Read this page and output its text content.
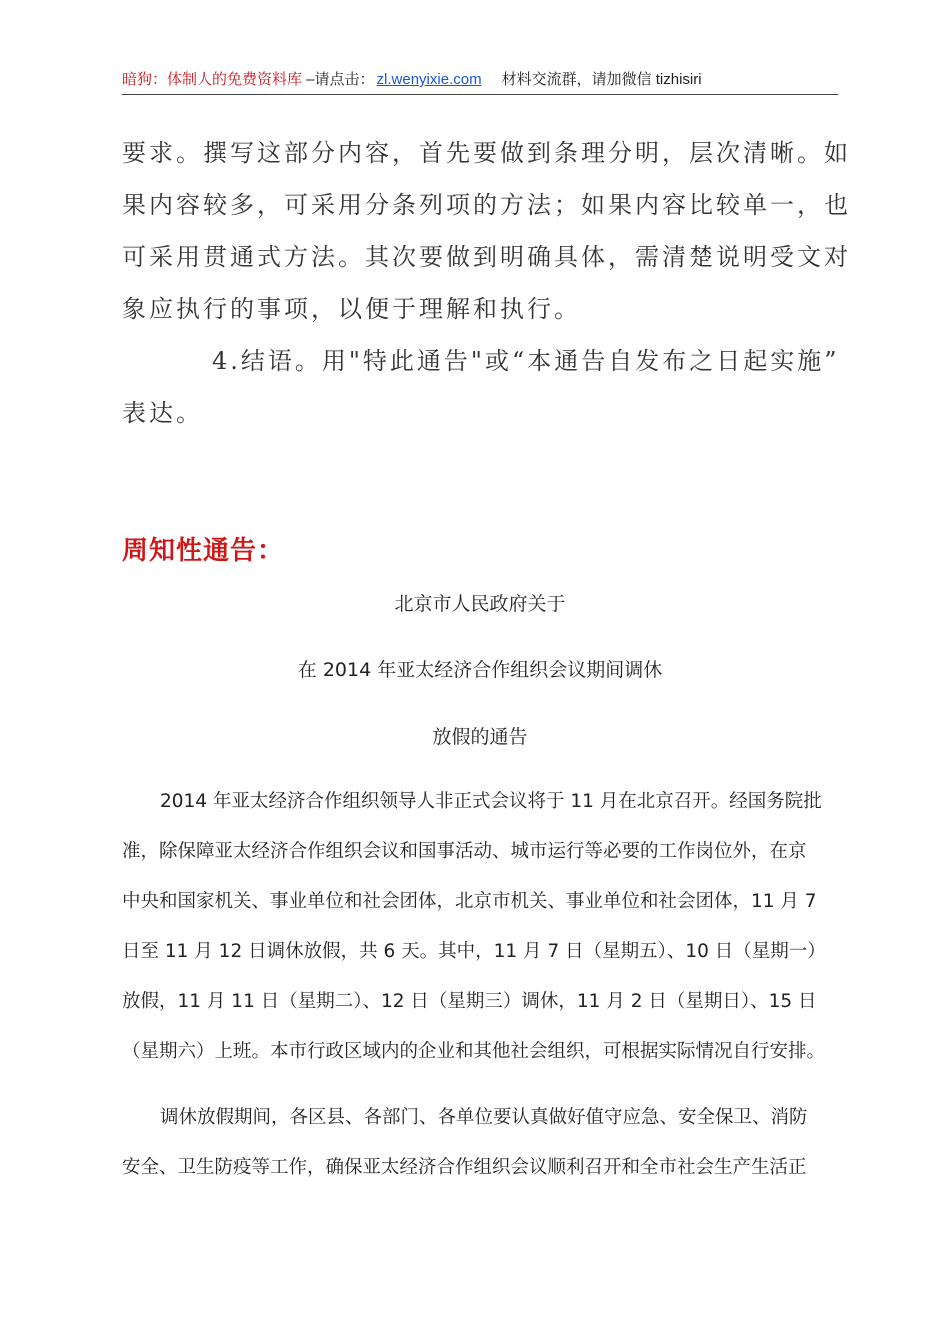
暗狗：体制人的免费资料库 –请点击： zl.wenyixie.com 材料交流群，请加微信 tizhisiri
要求。撰写这部分内容，首先要做到条理分明，层次清晰。如
果内容较多，可采用分条列项的方法；如果内容比较单一，也
可采用贯通式方法。其次要做到明确具体，需清楚说明受文对
象应执行的事项，以便于理解和执行。
4.结语。用"特此通告"或“本通告自发布之日起实施”
表达。
周知性通告：
北京市人民政府关于
在 2014 年亚太经济合作组织会议期间调休
放假的通告
2014 年亚太经济合作组织领导人非正式会议将于 11 月在北京召开。经国务院批
准，除保障亚太经济合作组织会议和国事活动、城市运行等必要的工作岗位外，在京
中央和国家机关、事业单位和社会团体，北京市机关、事业单位和社会团体，11 月 7
日至 11 月 12 日调休放假，共 6 天。其中，11 月 7 日（星期五）、10 日（星期一）
放假，11 月 11 日（星期二）、12 日（星期三）调休，11 月 2 日（星期日）、15 日
（星期六）上班。本市行政区域内的企业和其他社会组织，可根据实际情况自行安排。
调休放假期间，各区县、各部门、各单位要认真做好值守应急、安全保卫、消防
安全、卫生防疫等工作，确保亚太经济合作组织会议顺利召开和全市社会生产生活正
